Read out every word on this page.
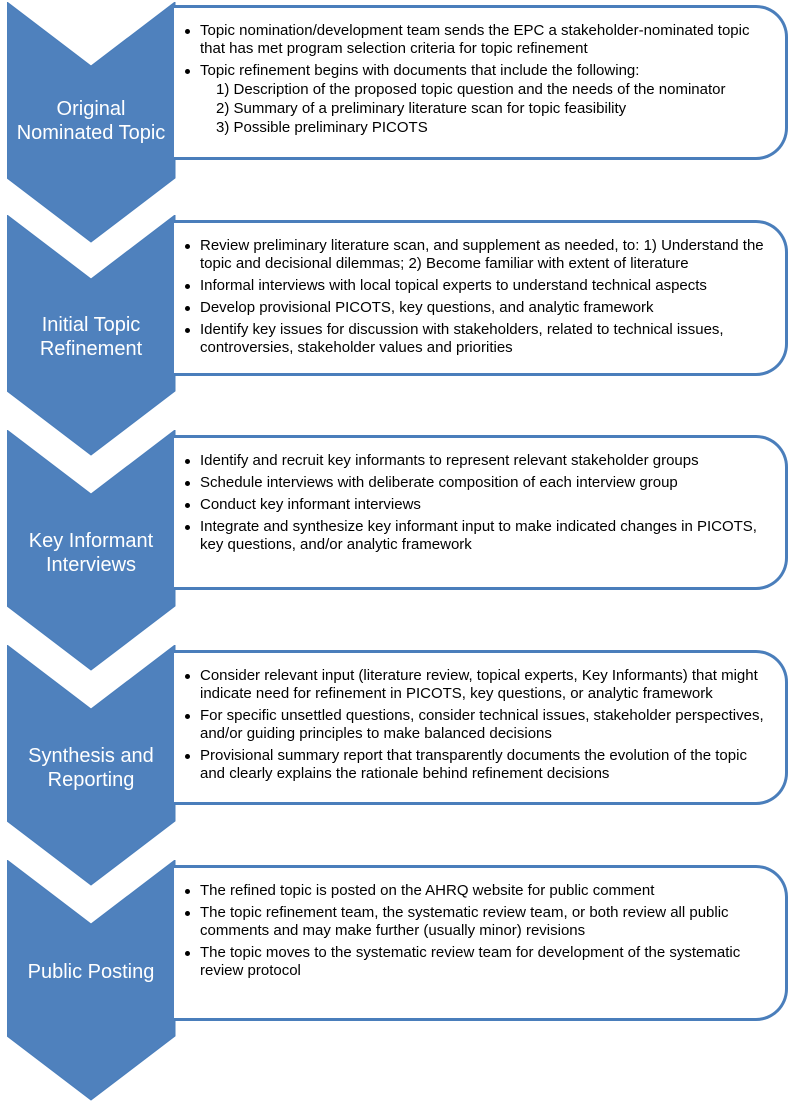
Original Nominated Topic
Topic nomination/development team sends the EPC a stakeholder-nominated topic that has met program selection criteria for topic refinement
Topic refinement begins with documents that include the following:
1) Description of the proposed topic question and the needs of the nominator
2) Summary of a preliminary literature scan for topic feasibility
3) Possible preliminary PICOTS
Initial Topic Refinement
Review preliminary literature scan, and supplement as needed, to: 1) Understand the topic and decisional dilemmas; 2) Become familiar with extent of literature
Informal interviews with local topical experts to understand technical aspects
Develop provisional PICOTS, key questions, and analytic framework
Identify key issues for discussion with stakeholders, related to technical issues, controversies, stakeholder values and priorities
Key Informant Interviews
Identify and recruit key informants to represent relevant stakeholder groups
Schedule interviews with deliberate composition of each interview group
Conduct key informant interviews
Integrate and synthesize key informant input to make indicated changes in PICOTS, key questions, and/or analytic framework
Synthesis and Reporting
Consider relevant input (literature review, topical experts, Key Informants) that might indicate need for refinement in PICOTS, key questions, or analytic framework
For specific unsettled questions, consider technical issues, stakeholder perspectives, and/or guiding principles to make balanced decisions
Provisional summary report that transparently documents the evolution of the topic and clearly explains the rationale behind refinement decisions
Public Posting
The refined topic is posted on the AHRQ website for public comment
The topic refinement team, the systematic review team, or both review all public comments and may make further (usually minor) revisions
The topic moves to the systematic review team for development of the systematic review protocol
